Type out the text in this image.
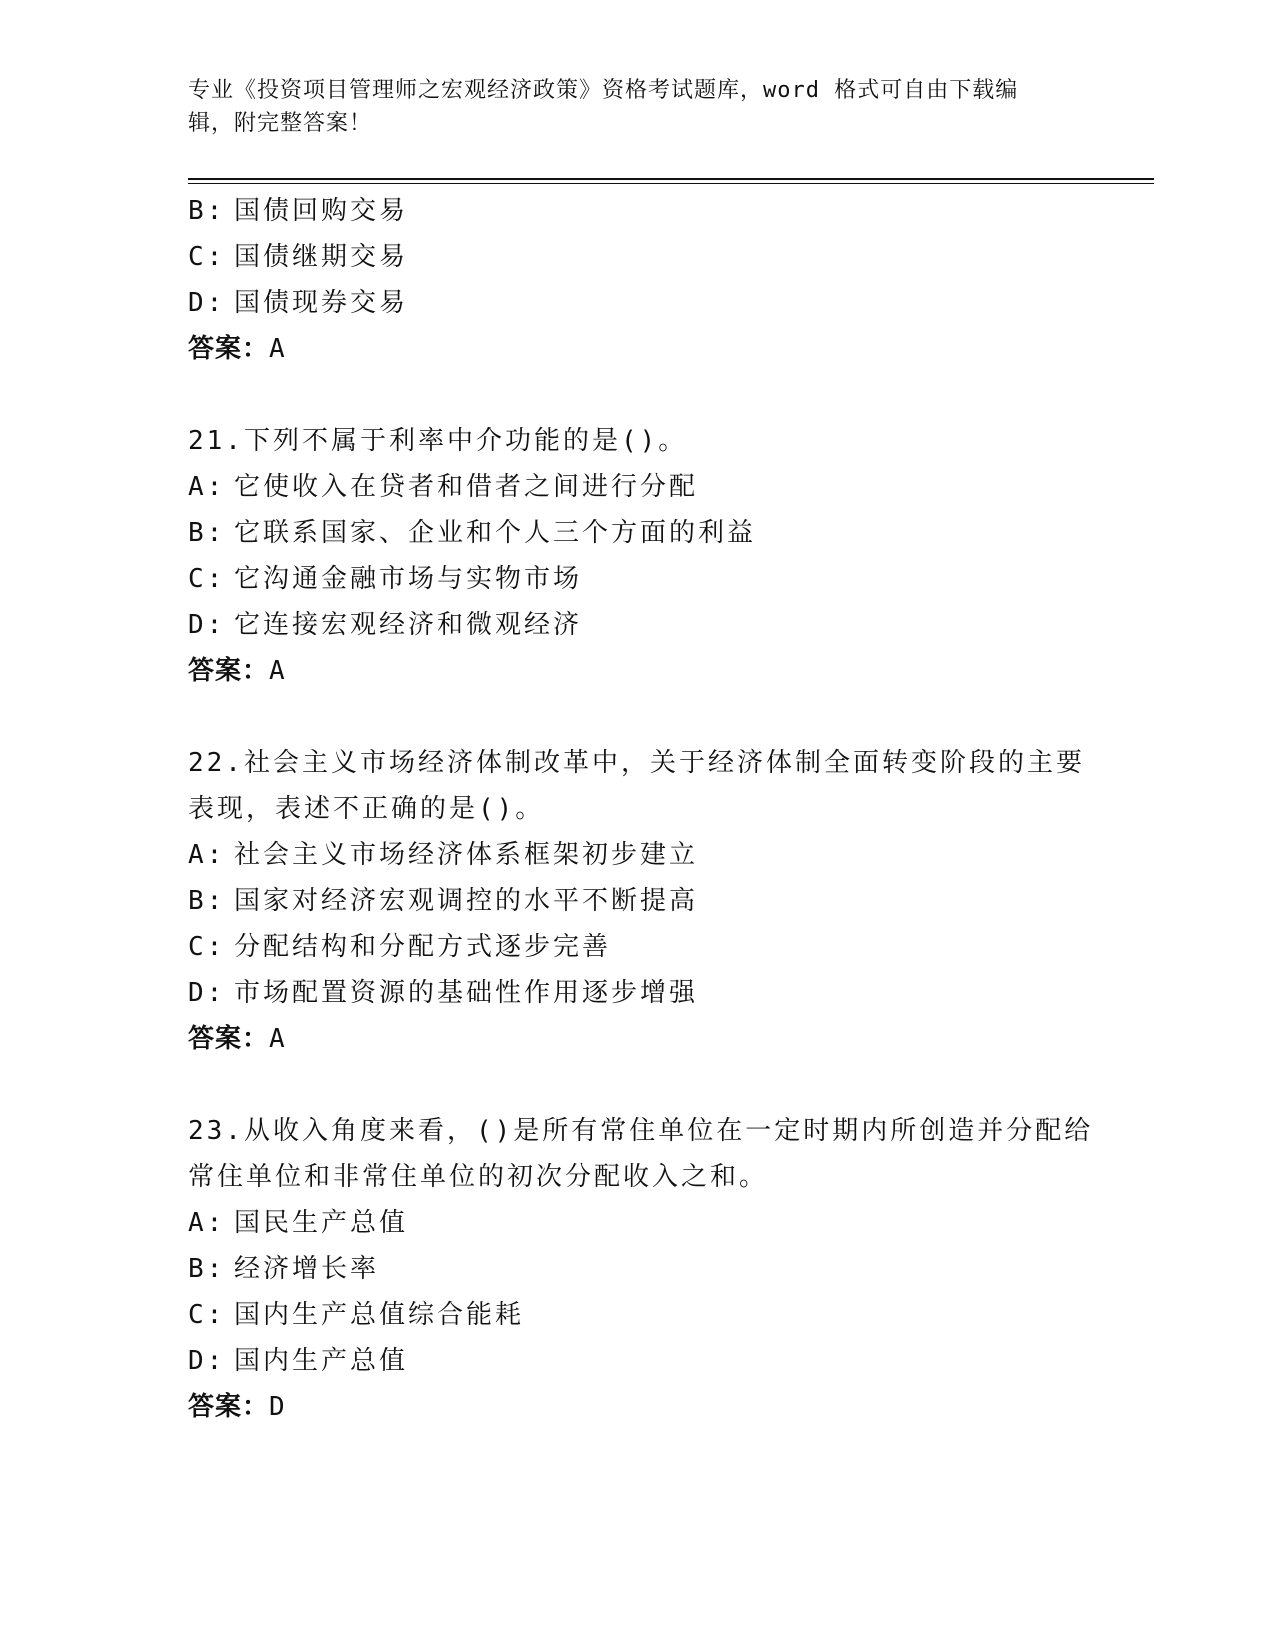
专业《投资项目管理师之宏观经济政策》资格考试题库，word 格式可自由下载编
辑，附完整答案！
B: 国债回购交易
C: 国债继期交易
D: 国债现券交易
答案：A
21.下列不属于利率中介功能的是()。
A: 它使收入在贷者和借者之间进行分配
B: 它联系国家、企业和个人三个方面的利益
C: 它沟通金融市场与实物市场
D: 它连接宏观经济和微观经济
答案：A
22.社会主义市场经济体制改革中，关于经济体制全面转变阶段的主要
表现，表述不正确的是()。
A: 社会主义市场经济体系框架初步建立
B: 国家对经济宏观调控的水平不断提高
C: 分配结构和分配方式逐步完善
D: 市场配置资源的基础性作用逐步增强
答案：A
23.从收入角度来看，()是所有常住单位在一定时期内所创造并分配给
常住单位和非常住单位的初次分配收入之和。
A: 国民生产总值
B: 经济增长率
C: 国内生产总值综合能耗
D: 国内生产总值
答案：D
